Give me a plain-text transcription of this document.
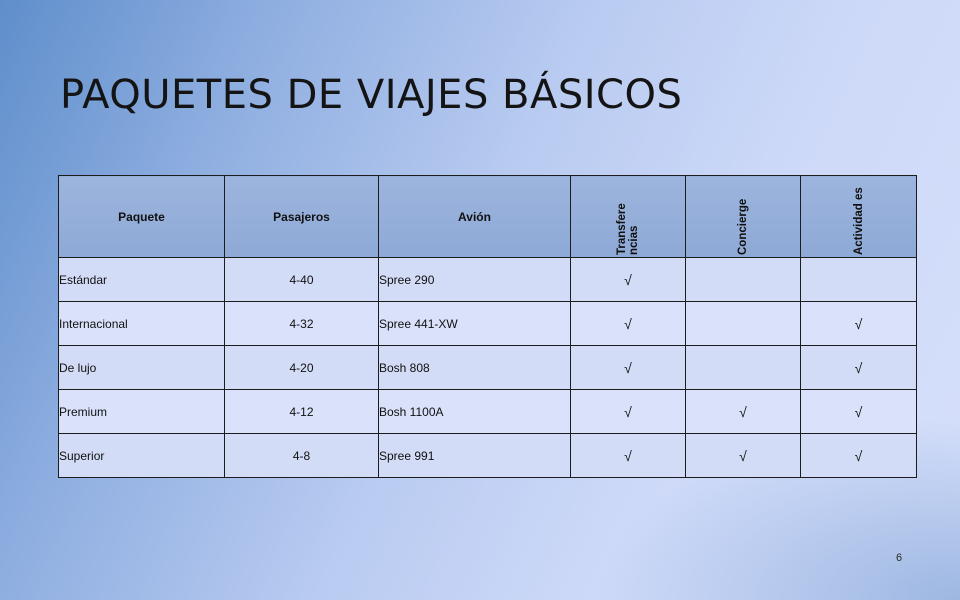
PAQUETES DE VIAJES BÁSICOS
Paquete	Pasajeros	Avión	Transfere ncias	Concierge	Actividad es

Estándar	4-40	Spree 290	√		
Internacional	4-32	Spree 441-XW	√		√
De lujo	4-20	Bosh 808	√		√
Premium	4-12	Bosh 1100A	√	√	√
Superior	4-8	Spree 991	√	√	√
6
